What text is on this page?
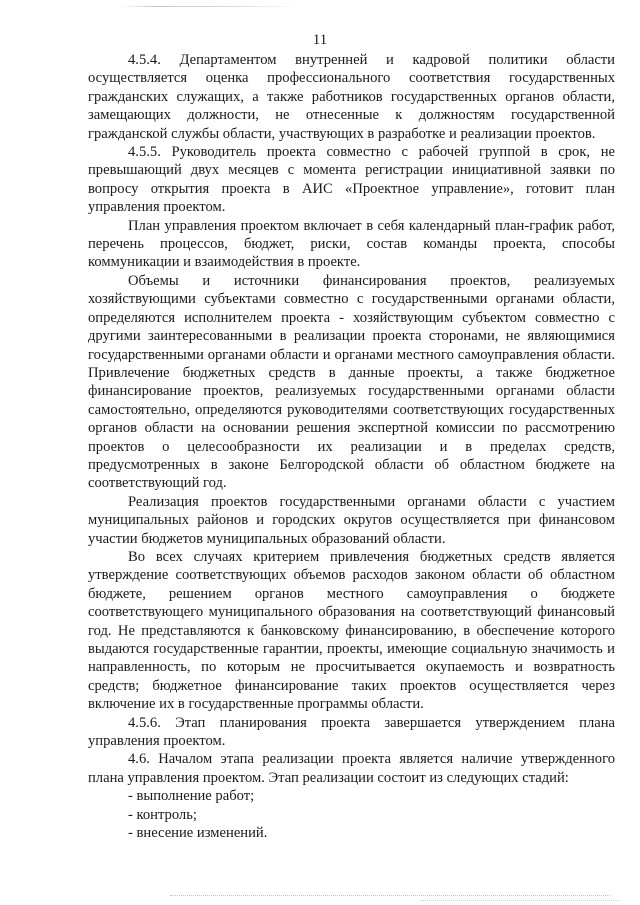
11

4.5.4. Департаментом внутренней и кадровой политики области осуществляется оценка профессионального соответствия государственных гражданских служащих, а также работников государственных органов области, замещающих должности, не отнесенные к должностям государственной гражданской службы области, участвующих в разработке и реализации проектов.

4.5.5. Руководитель проекта совместно с рабочей группой в срок, не превышающий двух месяцев с момента регистрации инициативной заявки по вопросу открытия проекта в АИС «Проектное управление», готовит план управления проектом.

План управления проектом включает в себя календарный план-график работ, перечень процессов, бюджет, риски, состав команды проекта, способы коммуникации и взаимодействия в проекте.

Объемы и источники финансирования проектов, реализуемых хозяйствующими субъектами совместно с государственными органами области, определяются исполнителем проекта - хозяйствующим субъектом совместно с другими заинтересованными в реализации проекта сторонами, не являющимися государственными органами области и органами местного самоуправления области. Привлечение бюджетных средств в данные проекты, а также бюджетное финансирование проектов, реализуемых государственными органами области самостоятельно, определяются руководителями соответствующих государственных органов области на основании решения экспертной комиссии по рассмотрению проектов о целесообразности их реализации и в пределах средств, предусмотренных в законе Белгородской области об областном бюджете на соответствующий год.

Реализация проектов государственными органами области с участием муниципальных районов и городских округов осуществляется при финансовом участии бюджетов муниципальных образований области.

Во всех случаях критерием привлечения бюджетных средств является утверждение соответствующих объемов расходов законом области об областном бюджете, решением органов местного самоуправления о бюджете соответствующего муниципального образования на соответствующий финансовый год. Не представляются к банковскому финансированию, в обеспечение которого выдаются государственные гарантии, проекты, имеющие социальную значимость и направленность, по которым не просчитывается окупаемость и возвратность средств; бюджетное финансирование таких проектов осуществляется через включение их в государственные программы области.

4.5.6. Этап планирования проекта завершается утверждением плана управления проектом.

4.6. Началом этапа реализации проекта является наличие утвержденного плана управления проектом. Этап реализации состоит из следующих стадий:

- выполнение работ;
- контроль;
- внесение изменений.
